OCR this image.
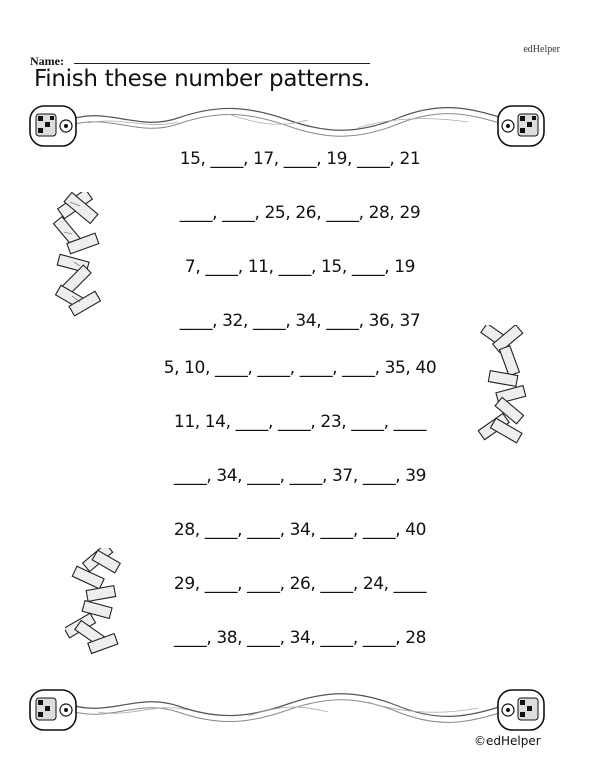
edHelper
Name:
Finish these number patterns.
15, ____, 17, ____, 19, ____, 21
____, ____, 25, 26, ____, 28, 29
7, ____, 11, ____, 15, ____, 19
____, 32, ____, 34, ____, 36, 37
5, 10, ____, ____, ____, ____, 35, 40
11, 14, ____, ____, 23, ____, ____
____, 34, ____, ____, 37, ____, 39
28, ____, ____, 34, ____, ____, 40
29, ____, ____, 26, ____, 24, ____
____, 38, ____, 34, ____, ____, 28
©edHelper
